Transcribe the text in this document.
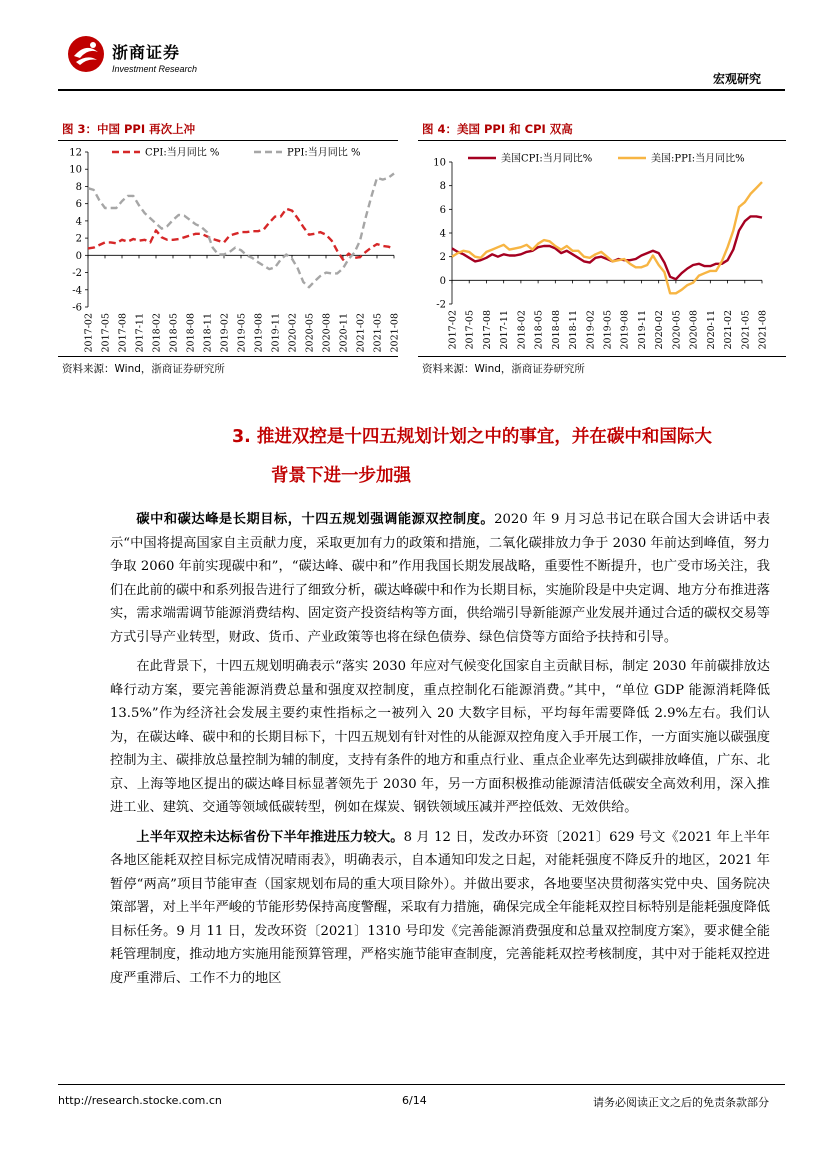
浙商证券
Investment Research
宏观研究
图 3：中国 PPI 再次上冲
-6
-4
-2
0
2
4
6
8
10
12
2017-02 2017-05 2017-08 2017-11 2018-02 2018-05 2018-08 2018-11 2019-02 2019-05 2019-08 2019-11 2020-02 2020-05 2020-08 2020-11 2021-02 2021-05 2021-08
CPI:当月同比 %	PPI:当月同比 %
资料来源：Wind，浙商证券研究所
图 4：美国 PPI 和 CPI 双高
-2
0
2
4
6
8
10
2017-02 2017-05 2017-08 2017-11 2018-02 2018-05 2018-08 2018-11 2019-02 2019-05 2019-08 2019-11 2020-02 2020-05 2020-08 2020-11 2021-02 2021-05 2021-08
美国CPI:当月同比%	美国:PPI:当月同比%
资料来源：Wind，浙商证券研究所
3. 推进双控是十四五规划计划之中的事宜，并在碳中和国际大
背景下进一步加强

碳中和碳达峰是长期目标，十四五规划强调能源双控制度。2020 年 9 月习总书记在联合国大会讲话中表示“中国将提高国家自主贡献力度，采取更加有力的政策和措施，二氧化碳排放力争于 2030 年前达到峰值，努力争取 2060 年前实现碳中和”，“碳达峰、碳中和”作用我国长期发展战略，重要性不断提升，也广受市场关注，我们在此前的碳中和系列报告进行了细致分析，碳达峰碳中和作为长期目标，实施阶段是中央定调、地方分布推进落实，需求端需调节能源消费结构、固定资产投资结构等方面，供给端引导新能源产业发展并通过合适的碳权交易等方式引导产业转型，财政、货币、产业政策等也将在绿色债券、绿色信贷等方面给予扶持和引导。

在此背景下，十四五规划明确表示“落实 2030 年应对气候变化国家自主贡献目标，制定 2030 年前碳排放达峰行动方案，要完善能源消费总量和强度双控制度，重点控制化石能源消费。”其中，“单位 GDP 能源消耗降低 13.5%”作为经济社会发展主要约束性指标之一被列入 20 大数字目标，平均每年需要降低 2.9%左右。我们认为，在碳达峰、碳中和的长期目标下，十四五规划有针对性的从能源双控角度入手开展工作，一方面实施以碳强度控制为主、碳排放总量控制为辅的制度，支持有条件的地方和重点行业、重点企业率先达到碳排放峰值，广东、北京、上海等地区提出的碳达峰目标显著领先于 2030 年，另一方面积极推动能源清洁低碳安全高效利用，深入推进工业、建筑、交通等领域低碳转型，例如在煤炭、钢铁领域压减并严控低效、无效供给。

上半年双控未达标省份下半年推进压力较大。8 月 12 日，发改办环资〔2021〕629 号文《2021 年上半年各地区能耗双控目标完成情况晴雨表》，明确表示，自本通知印发之日起，对能耗强度不降反升的地区，2021 年暂停“两高”项目节能审查（国家规划布局的重大项目除外）。并做出要求，各地要坚决贯彻落实党中央、国务院决策部署，对上半年严峻的节能形势保持高度警醒，采取有力措施，确保完成全年能耗双控目标特别是能耗强度降低目标任务。9 月 11 日，发改环资〔2021〕1310 号印发《完善能源消费强度和总量双控制度方案》，要求健全能耗管理制度，推动地方实施用能预算管理，严格实施节能审查制度，完善能耗双控考核制度，其中对于能耗双控进度严重滞后、工作不力的地区

http://research.stocke.com.cn	6/14	请务必阅读正文之后的免责条款部分
